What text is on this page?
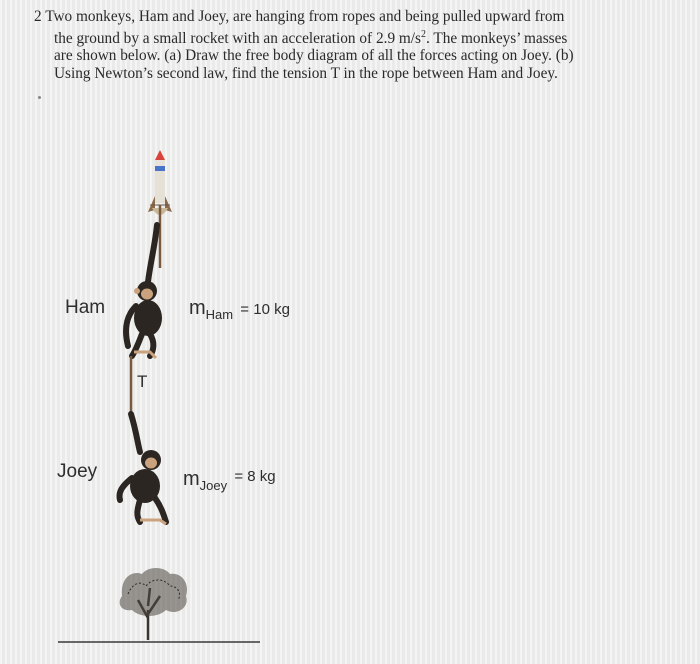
2 Two monkeys, Ham and Joey, are hanging from ropes and being pulled upward from
the ground by a small rocket with an acceleration of 2.9 $m/s^2$. The monkeys’ masses
are shown below. (a) Draw the free body diagram of all the forces acting on Joey. (b)
Using Newton’s second law, find the tension T in the rope between Ham and Joey.
Ham
Joey
T
mHam = 10 kg
mJoey = 8 kg
